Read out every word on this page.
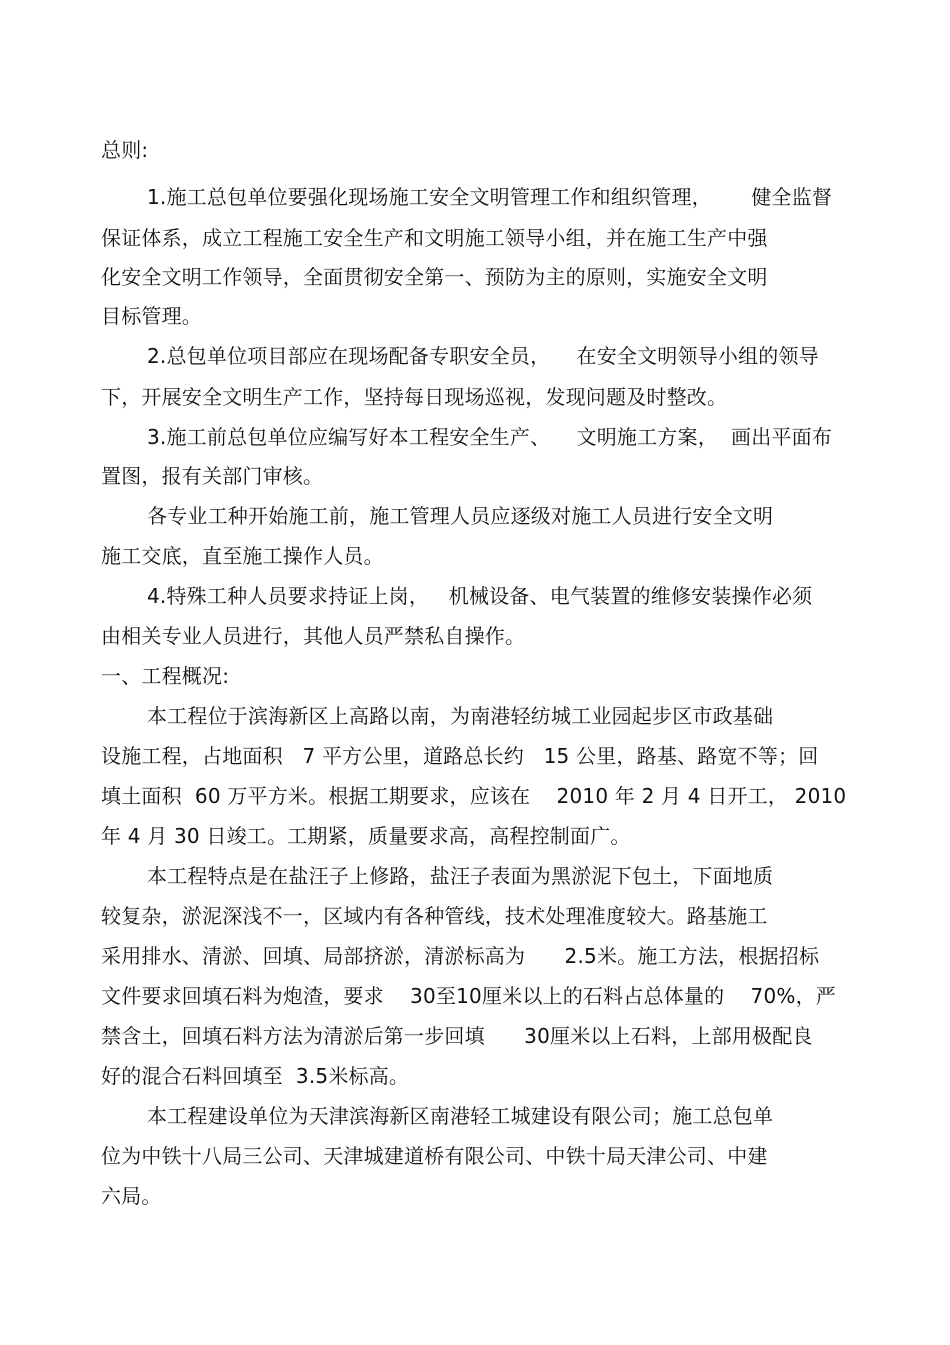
总则:
1.施工总包单位要强化现场施工安全文明管理工作和组织管理，      健全监督
保证体系，成立工程施工安全生产和文明施工领导小组，并在施工生产中强
化安全文明工作领导，全面贯彻安全第一、预防为主的原则，实施安全文明
目标管理。
2.总包单位项目部应在现场配备专职安全员，    在安全文明领导小组的领导
下，开展安全文明生产工作，坚持每日现场巡视，发现问题及时整改。
3.施工前总包单位应编写好本工程安全生产、    文明施工方案，  画出平面布
置图，报有关部门审核。
各专业工种开始施工前，施工管理人员应逐级对施工人员进行安全文明
施工交底，直至施工操作人员。
4.特殊工种人员要求持证上岗，   机械设备、电气装置的维修安装操作必须
由相关专业人员进行，其他人员严禁私自操作。
一、工程概况:
本工程位于滨海新区上高路以南，为南港轻纺城工业园起步区市政基础
设施工程，占地面积   7 平方公里，道路总长约   15 公里，路基、路宽不等；回
填土面积  60 万平方米。根据工期要求，应该在    2010 年 2 月 4 日开工， 2010
年 4 月 30 日竣工。工期紧，质量要求高，高程控制面广。
本工程特点是在盐汪子上修路，盐汪子表面为黑淤泥下包土，下面地质
较复杂，淤泥深浅不一，区域内有各种管线，技术处理准度较大。路基施工
采用排水、清淤、回填、局部挤淤，清淤标高为      2.5米。施工方法，根据招标
文件要求回填石料为炮渣，要求    30至10厘米以上的石料占总体量的    70%，严
禁含土，回填石料方法为清淤后第一步回填      30厘米以上石料，上部用极配良
好的混合石料回填至  3.5米标高。
本工程建设单位为天津滨海新区南港轻工城建设有限公司；施工总包单
位为中铁十八局三公司、天津城建道桥有限公司、中铁十局天津公司、中建
六局。
